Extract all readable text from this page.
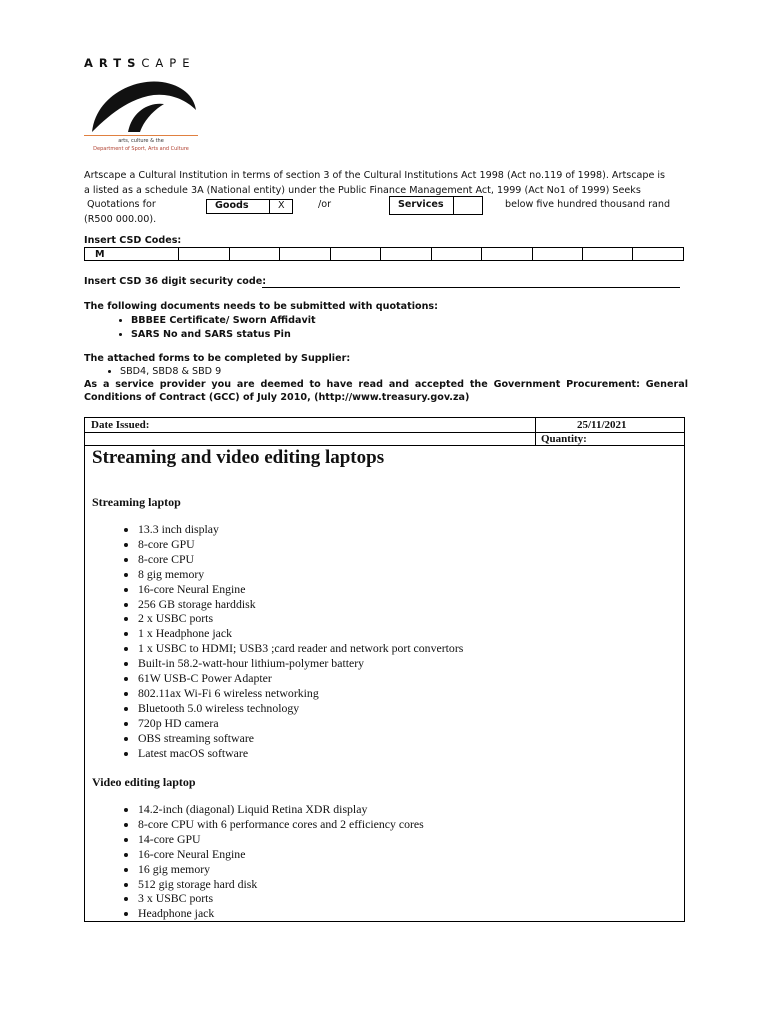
ARTSCAPE
arts, culture & the
Department of Sport, Arts and Culture

Artscape a Cultural Institution in terms of section 3 of the Cultural Institutions Act 1998 (Act no.119 of 1998). Artscape is

a listed as a schedule 3A (National entity) under the Public Finance Management Act, 1999 (Act No1 of 1999) Seeks

Quotations for	/or	below five hundred thousand rand

(R500 000.00).

Goods	X	Services
Insert CSD Codes:
M										
Insert CSD 36 digit security code:

The following documents needs to be submitted with quotations:

• BBBEE Certificate/ Sworn Affidavit
• SARS No and SARS status Pin

The attached forms to be completed by Supplier:

• SBD4, SBD8 & SBD 9

As a service provider you are deemed to have read and accepted the Government Procurement: General Conditions of Contract (GCC) of July 2010, (http://www.treasury.gov.za)

Date Issued:	25/11/2021
Quantity:
Streaming and video editing laptops

Streaming laptop

• 13.3 inch display
• 8-core GPU
• 8-core CPU
• 8 gig memory
• 16-core Neural Engine
• 256 GB storage harddisk
• 2 x USBC ports
• 1 x Headphone jack
• 1 x USBC to HDMI; USB3 ;card reader and network port convertors
• Built-in 58.2-watt-hour lithium-polymer battery
• 61W USB-C Power Adapter
• 802.11ax Wi-Fi 6 wireless networking
• Bluetooth 5.0 wireless technology
• 720p HD camera
• OBS streaming software
• Latest macOS software

Video editing laptop

• 14.2-inch (diagonal) Liquid Retina XDR display
• 8-core CPU with 6 performance cores and 2 efficiency cores
• 14-core GPU
• 16-core Neural Engine
• 16 gig memory
• 512 gig storage hard disk
• 3 x USBC ports
• Headphone jack
